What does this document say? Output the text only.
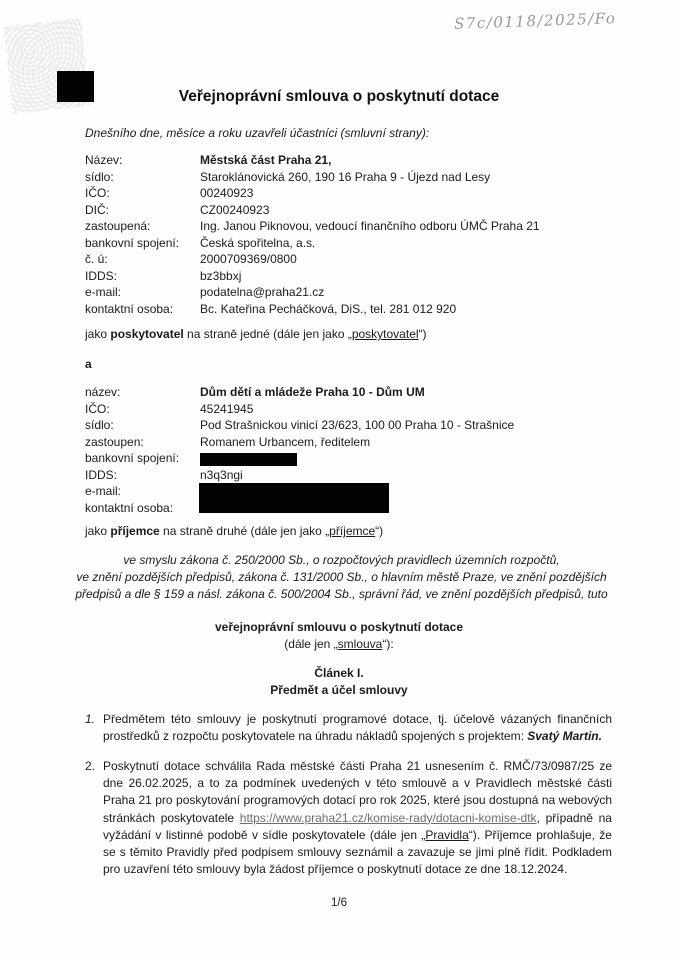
S7c/0118/2025/Fo
Veřejnoprávní smlouva o poskytnutí dotace
Dnešního dne, měsíce a roku uzavřeli účastníci (smluvní strany):
Název:	Městská část Praha 21,
sídlo:	Staroklánovická 260, 190 16 Praha 9 - Újezd nad Lesy
IČO:	00240923
DIČ:	CZ00240923
zastoupená:	Ing. Janou Piknovou, vedoucí finančního odboru ÚMČ Praha 21
bankovní spojení:	Česká spořitelna, a.s.
č. ú:	2000709369/0800
IDDS:	bz3bbxj
e-mail:	podatelna@praha21.cz
kontaktní osoba:	Bc. Kateřina Pecháčková, DiS., tel. 281 012 920
jako poskytovatel na straně jedné (dále jen jako „poskytovatel“)
a
název:	Dům dětí a mládeže Praha 10 - Dům UM
IČO:	45241945
sídlo:	Pod Strašnickou vinicí 23/623, 100 00 Praha 10 - Strašnice
zastoupen:	Romanem Urbancem, ředitelem
bankovní spojení:
IDDS:	n3q3ngi
e-mail:
kontaktní osoba:
jako příjemce na straně druhé (dále jen jako „příjemce“)
ve smyslu zákona č. 250/2000 Sb., o rozpočtových pravidlech územních rozpočtů,
ve znění pozdějších předpisů, zákona č. 131/2000 Sb., o hlavním městě Praze, ve znění pozdějších
předpisů a dle § 159 a násl. zákona č. 500/2004 Sb., správní řád, ve znění pozdějších předpisů, tuto
veřejnoprávní smlouvu o poskytnutí dotace
(dále jen „smlouva“):
Článek I.
Předmět a účel smlouvy
1. Předmětem této smlouvy je poskytnutí programové dotace, tj. účelově vázaných finančních prostředků z rozpočtu poskytovatele na úhradu nákladů spojených s projektem: Svatý Martin.
2. Poskytnutí dotace schválila Rada městské části Praha 21 usnesením č. RMČ/73/0987/25 ze dne 26.02.2025, a to za podmínek uvedených v této smlouvě a v Pravidlech městské části Praha 21 pro poskytování programových dotací pro rok 2025, které jsou dostupná na webových stránkách poskytovatele https://www.praha21.cz/komise-rady/dotacni-komise-dtk, případně na vyžádání v listinné podobě v sídle poskytovatele (dále jen „Pravidla“). Příjemce prohlašuje, že se s těmito Pravidly před podpisem smlouvy seznámil a zavazuje se jimi plně řídit. Podkladem pro uzavření této smlouvy byla žádost příjemce o poskytnutí dotace ze dne 18.12.2024.
1/6
